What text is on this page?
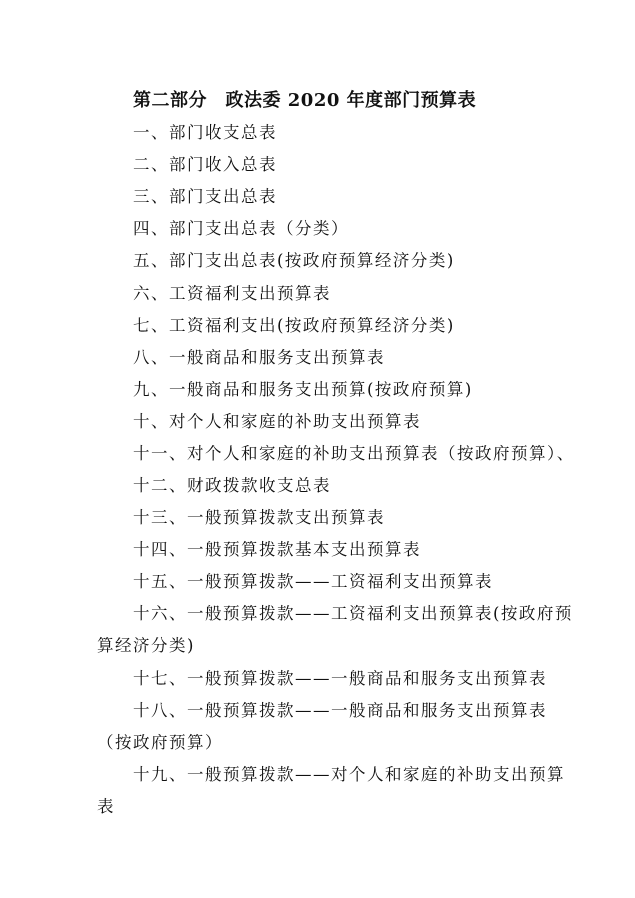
第二部分　政法委 2020 年度部门预算表
一、部门收支总表
二、部门收入总表
三、部门支出总表
四、部门支出总表（分类）
五、部门支出总表(按政府预算经济分类)
六、工资福利支出预算表
七、工资福利支出(按政府预算经济分类)
八、一般商品和服务支出预算表
九、一般商品和服务支出预算(按政府预算)
十、对个人和家庭的补助支出预算表
十一、对个人和家庭的补助支出预算表（按政府预算）、
十二、财政拨款收支总表
十三、一般预算拨款支出预算表
十四、一般预算拨款基本支出预算表
十五、一般预算拨款——工资福利支出预算表
十六、一般预算拨款——工资福利支出预算表(按政府预
算经济分类)
十七、一般预算拨款——一般商品和服务支出预算表
十八、一般预算拨款——一般商品和服务支出预算表
（按政府预算）
十九、一般预算拨款——对个人和家庭的补助支出预算
表
